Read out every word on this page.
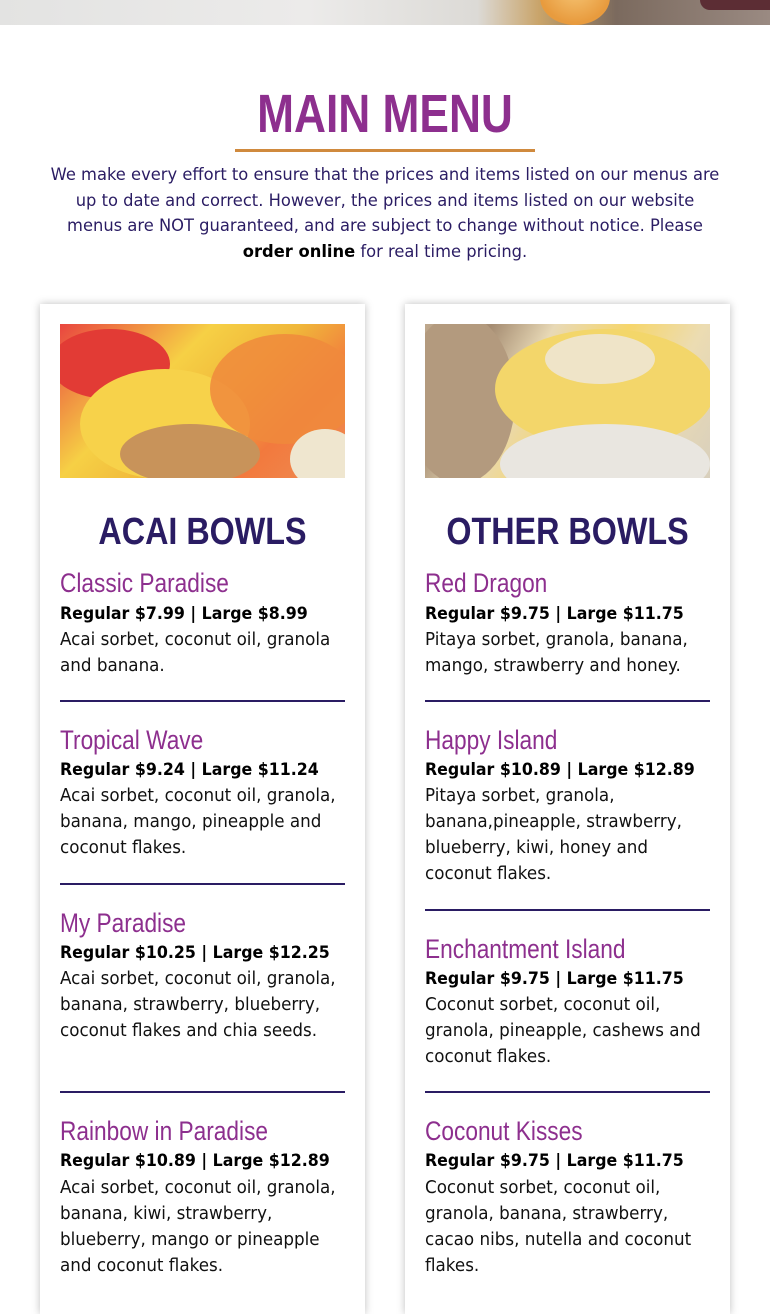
MAIN MENU

We make every effort to ensure that the prices and items listed on our menus are up to date and correct. However, the prices and items listed on our website menus are NOT guaranteed, and are subject to change without notice. Please order online for real time pricing.

ACAI BOWLS
Classic Paradise
Regular $7.99 | Large $8.99
Acai sorbet, coconut oil, granola and banana.
Tropical Wave
Regular $9.24 | Large $11.24
Acai sorbet, coconut oil, granola, banana, mango, pineapple and coconut flakes.
My Paradise
Regular $10.25 | Large $12.25
Acai sorbet, coconut oil, granola, banana, strawberry, blueberry, coconut flakes and chia seeds.
Rainbow in Paradise
Regular $10.89 | Large $12.89
Acai sorbet, coconut oil, granola, banana, kiwi, strawberry, blueberry, mango or pineapple and coconut flakes.
OTHER BOWLS
Red Dragon
Regular $9.75 | Large $11.75
Pitaya sorbet, granola, banana, mango, strawberry and honey.
Happy Island
Regular $10.89 | Large $12.89
Pitaya sorbet, granola, banana,pineapple, strawberry, blueberry, kiwi, honey and coconut flakes.
Enchantment Island
Regular $9.75 | Large $11.75
Coconut sorbet, coconut oil, granola, pineapple, cashews and coconut flakes.
Coconut Kisses
Regular $9.75 | Large $11.75
Coconut sorbet, coconut oil, granola, banana, strawberry, cacao nibs, nutella and coconut flakes.
